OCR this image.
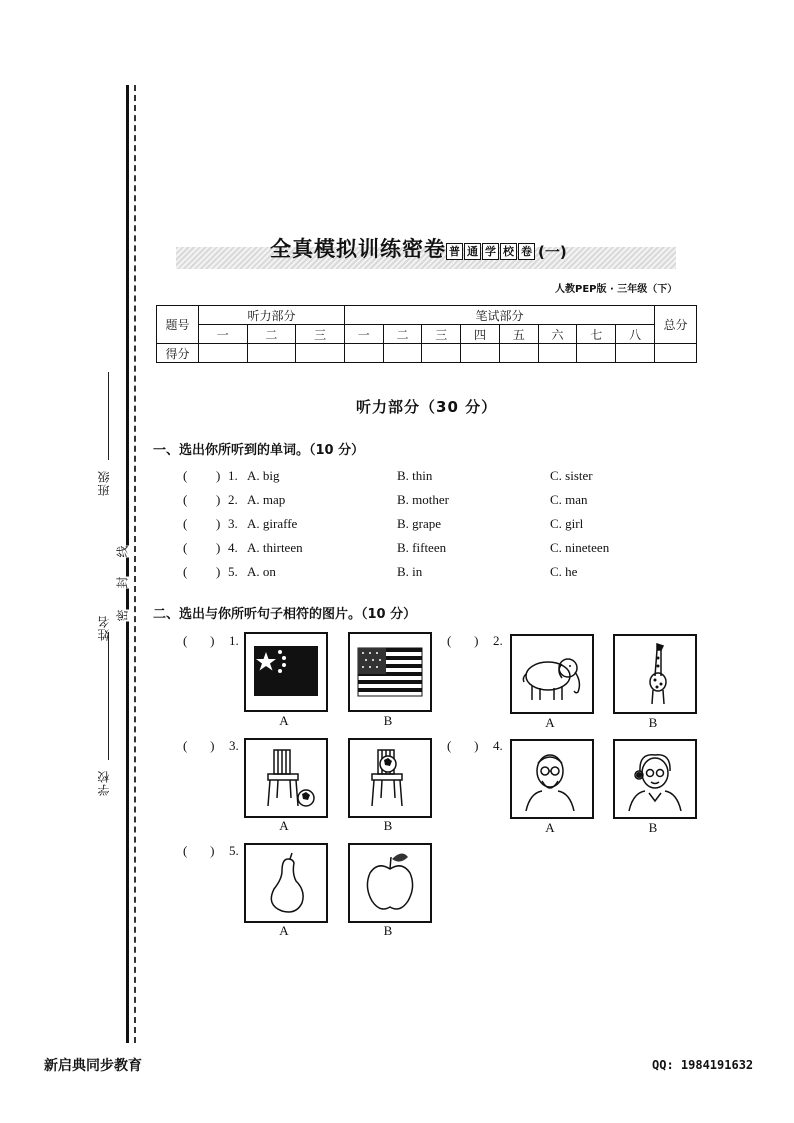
班级
姓名
学校
密
封
线
全真模拟训练密卷 普 通 学 校 卷 (一)
人教PEP版 · 三年级（下）
题号	听力部分			笔试部分								总分
	一	二	三	一	二	三	四	五	六	七	八	
得分												
听力部分（30 分）
一、选出你所听到的单词。（10 分）
( ) 1. A. big	B. thin	C. sister
( ) 2. A. map	B. mother	C. man
( ) 3. A. giraffe	B. grape	C. girl
( ) 4. A. thirteen	B. fifteen	C. nineteen
( ) 5. A. on	B. in	C. he
二、选出与你所听句子相符的图片。（10 分）
(       ) 1.
A	B
(       ) 2.
A	B
(       ) 3.
A	B
(       ) 4.
A	B
(       ) 5.
A	B
新启典同步教育	QQ: 1984191632
